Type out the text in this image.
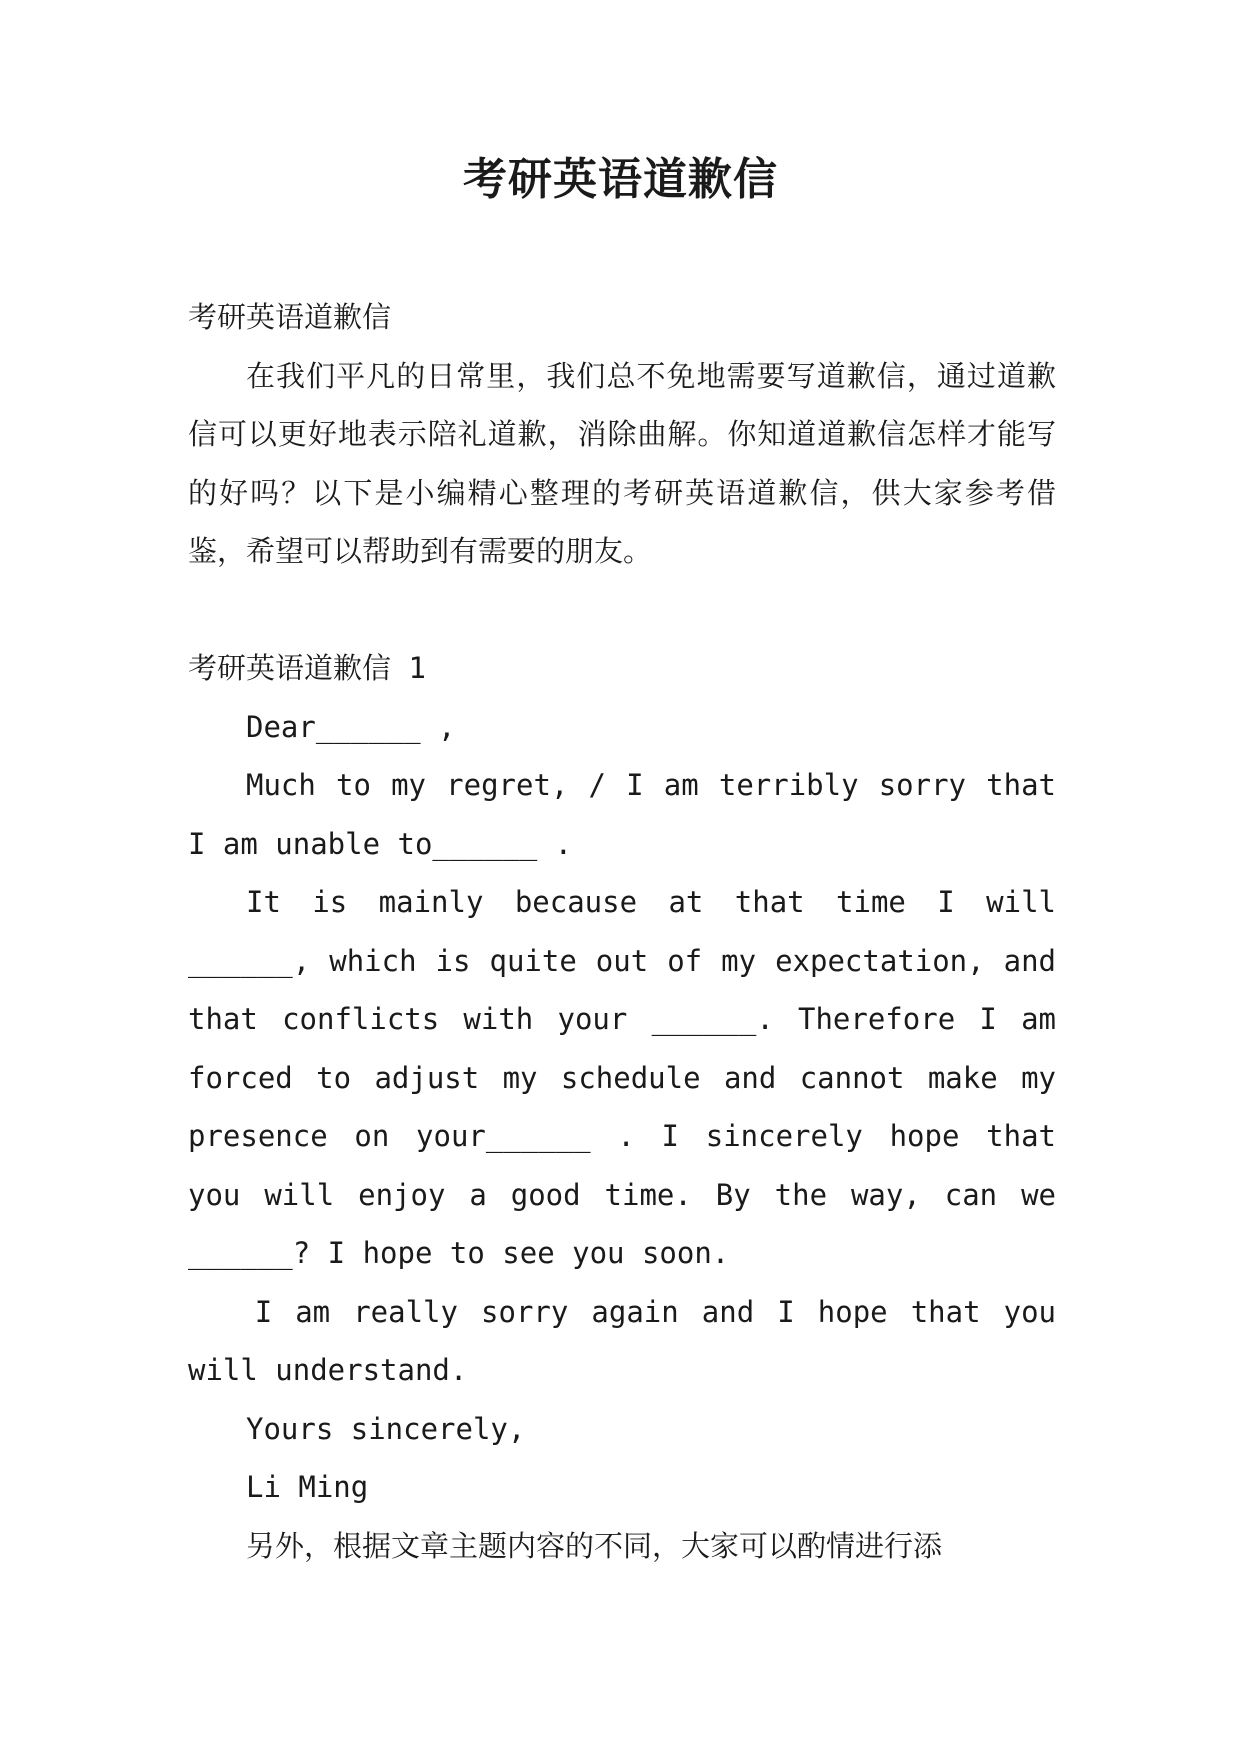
考研英语道歉信

考研英语道歉信

在我们平凡的日常里，我们总不免地需要写道歉信，通过道歉信可以更好地表示陪礼道歉，消除曲解。你知道道歉信怎样才能写的好吗？以下是小编精心整理的考研英语道歉信，供大家参考借鉴，希望可以帮助到有需要的朋友。

考研英语道歉信 1

Dear______ ,

Much to my regret, / I am terribly sorry that I am unable to______ .

It is mainly because at that time I will ______, which is quite out of my expectation, and that conflicts with your ______. Therefore I am forced to adjust my schedule and cannot make my presence on your______ . I sincerely hope that you will enjoy a good time. By the way, can we ______? I hope to see you soon.

I am really sorry again and I hope that you will understand.

Yours sincerely,

Li Ming

另外，根据文章主题内容的不同，大家可以酌情进行添
